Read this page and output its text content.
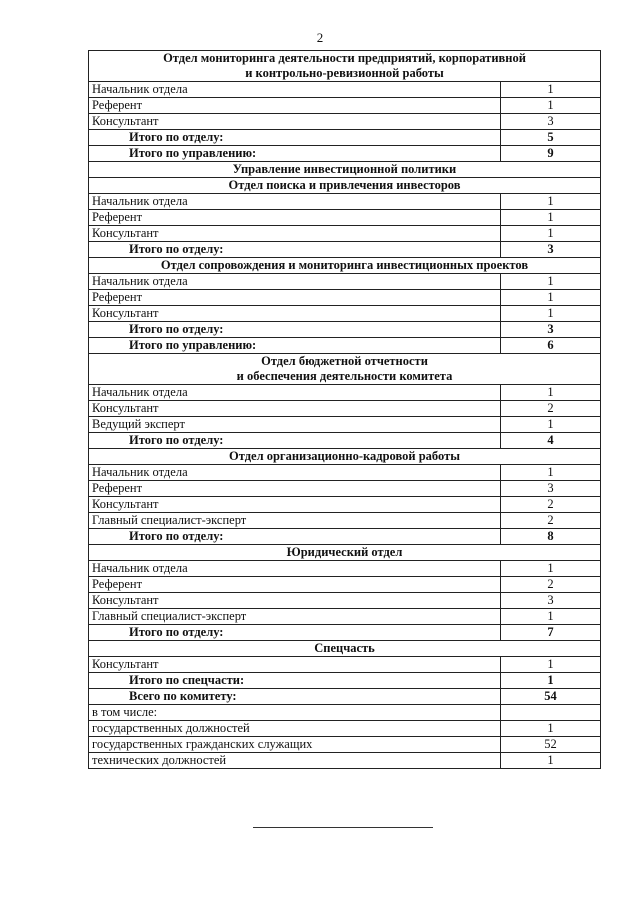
2
Отдел мониторинга деятельности предприятий, корпоративной
и контрольно-ревизионной работы	

Начальник отдела	1
Референт	1
Консультант	3
Итого по отделу:	5
Итого по управлению:	9
Управление инвестиционной политики	
Отдел поиска и привлечения инвесторов	
Начальник отдела	1
Референт	1
Консультант	1
Итого по отделу:	3
Отдел сопровождения и мониторинга инвестиционных проектов	
Начальник отдела	1
Референт	1
Консультант	1
Итого по отделу:	3
Итого по управлению:	6

Отдел бюджетной отчетности
и обеспечения деятельности комитета	

Начальник отдела	1
Консультант	2
Ведущий эксперт	1
Итого по отделу:	4
Отдел организационно-кадровой работы	
Начальник отдела	1
Референт	3
Консультант	2
Главный специалист-эксперт	2
Итого по отделу:	8
Юридический отдел	
Начальник отдела	1
Референт	2
Консультант	3
Главный специалист-эксперт	1
Итого по отделу:	7
Спецчасть	
Консультант	1
Итого по спецчасти:	1
Всего по комитету:	54
в том числе:	
государственных должностей	1
государственных гражданских служащих	52
технических должностей	1
